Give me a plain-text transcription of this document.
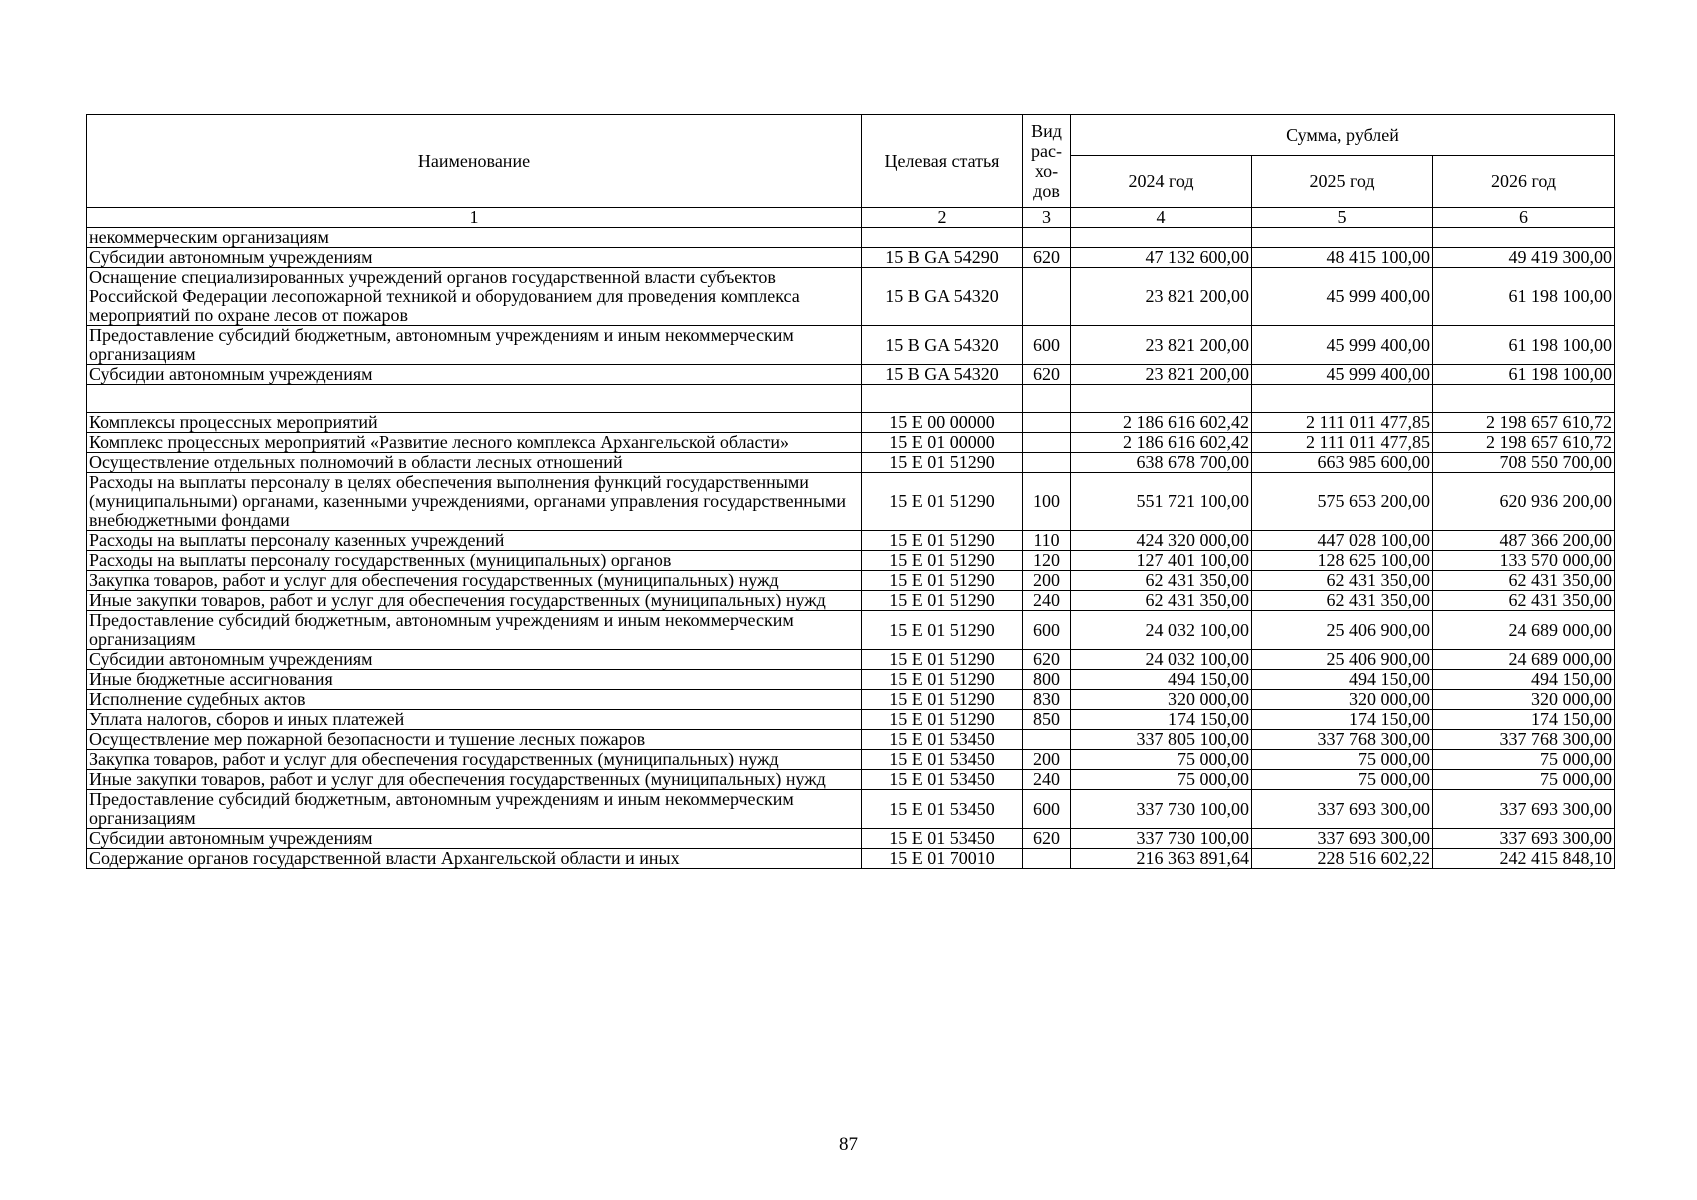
Наименование	Целевая статья	Вид рас- хо- дов	Сумма, рублей		
			2024 год	2025 год	2026 год
1	2	3	4	5	6
некоммерческим организациям					
Субсидии автономным учреждениям	15 B GA 54290	620	47 132 600,00	48 415 100,00	49 419 300,00
Оснащение специализированных учреждений органов государственной власти субъектов Российской Федерации лесопожарной техникой и оборудованием для проведения комплекса мероприятий по охране лесов от пожаров	15 B GA 54320		23 821 200,00	45 999 400,00	61 198 100,00
Предоставление субсидий бюджетным, автономным учреждениям и иным некоммерческим организациям	15 B GA 54320	600	23 821 200,00	45 999 400,00	61 198 100,00
Субсидии автономным учреждениям	15 B GA 54320	620	23 821 200,00	45 999 400,00	61 198 100,00

Комплексы процессных мероприятий	15 E 00 00000		2 186 616 602,42	2 111 011 477,85	2 198 657 610,72
Комплекс процессных мероприятий «Развитие лесного комплекса Архангельской области»	15 E 01 00000		2 186 616 602,42	2 111 011 477,85	2 198 657 610,72
Осуществление отдельных полномочий в области лесных отношений	15 E 01 51290		638 678 700,00	663 985 600,00	708 550 700,00
Расходы на выплаты персоналу в целях обеспечения выполнения функций государственными (муниципальными) органами, казенными учреждениями, органами управления государственными внебюджетными фондами	15 E 01 51290	100	551 721 100,00	575 653 200,00	620 936 200,00
Расходы на выплаты персоналу казенных учреждений	15 E 01 51290	110	424 320 000,00	447 028 100,00	487 366 200,00
Расходы на выплаты персоналу государственных (муниципальных) органов	15 E 01 51290	120	127 401 100,00	128 625 100,00	133 570 000,00
Закупка товаров, работ и услуг для обеспечения государственных (муниципальных) нужд	15 E 01 51290	200	62 431 350,00	62 431 350,00	62 431 350,00
Иные закупки товаров, работ и услуг для обеспечения государственных (муниципальных) нужд	15 E 01 51290	240	62 431 350,00	62 431 350,00	62 431 350,00
Предоставление субсидий бюджетным, автономным учреждениям и иным некоммерческим организациям	15 E 01 51290	600	24 032 100,00	25 406 900,00	24 689 000,00
Субсидии автономным учреждениям	15 E 01 51290	620	24 032 100,00	25 406 900,00	24 689 000,00
Иные бюджетные ассигнования	15 E 01 51290	800	494 150,00	494 150,00	494 150,00
Исполнение судебных актов	15 E 01 51290	830	320 000,00	320 000,00	320 000,00
Уплата налогов, сборов и иных платежей	15 E 01 51290	850	174 150,00	174 150,00	174 150,00
Осуществление мер пожарной безопасности и тушение лесных пожаров	15 E 01 53450		337 805 100,00	337 768 300,00	337 768 300,00
Закупка товаров, работ и услуг для обеспечения государственных (муниципальных) нужд	15 E 01 53450	200	75 000,00	75 000,00	75 000,00
Иные закупки товаров, работ и услуг для обеспечения государственных (муниципальных) нужд	15 E 01 53450	240	75 000,00	75 000,00	75 000,00
Предоставление субсидий бюджетным, автономным учреждениям и иным некоммерческим организациям	15 E 01 53450	600	337 730 100,00	337 693 300,00	337 693 300,00
Субсидии автономным учреждениям	15 E 01 53450	620	337 730 100,00	337 693 300,00	337 693 300,00
Содержание органов государственной власти Архангельской области и иных	15 E 01 70010		216 363 891,64	228 516 602,22	242 415 848,10
87
